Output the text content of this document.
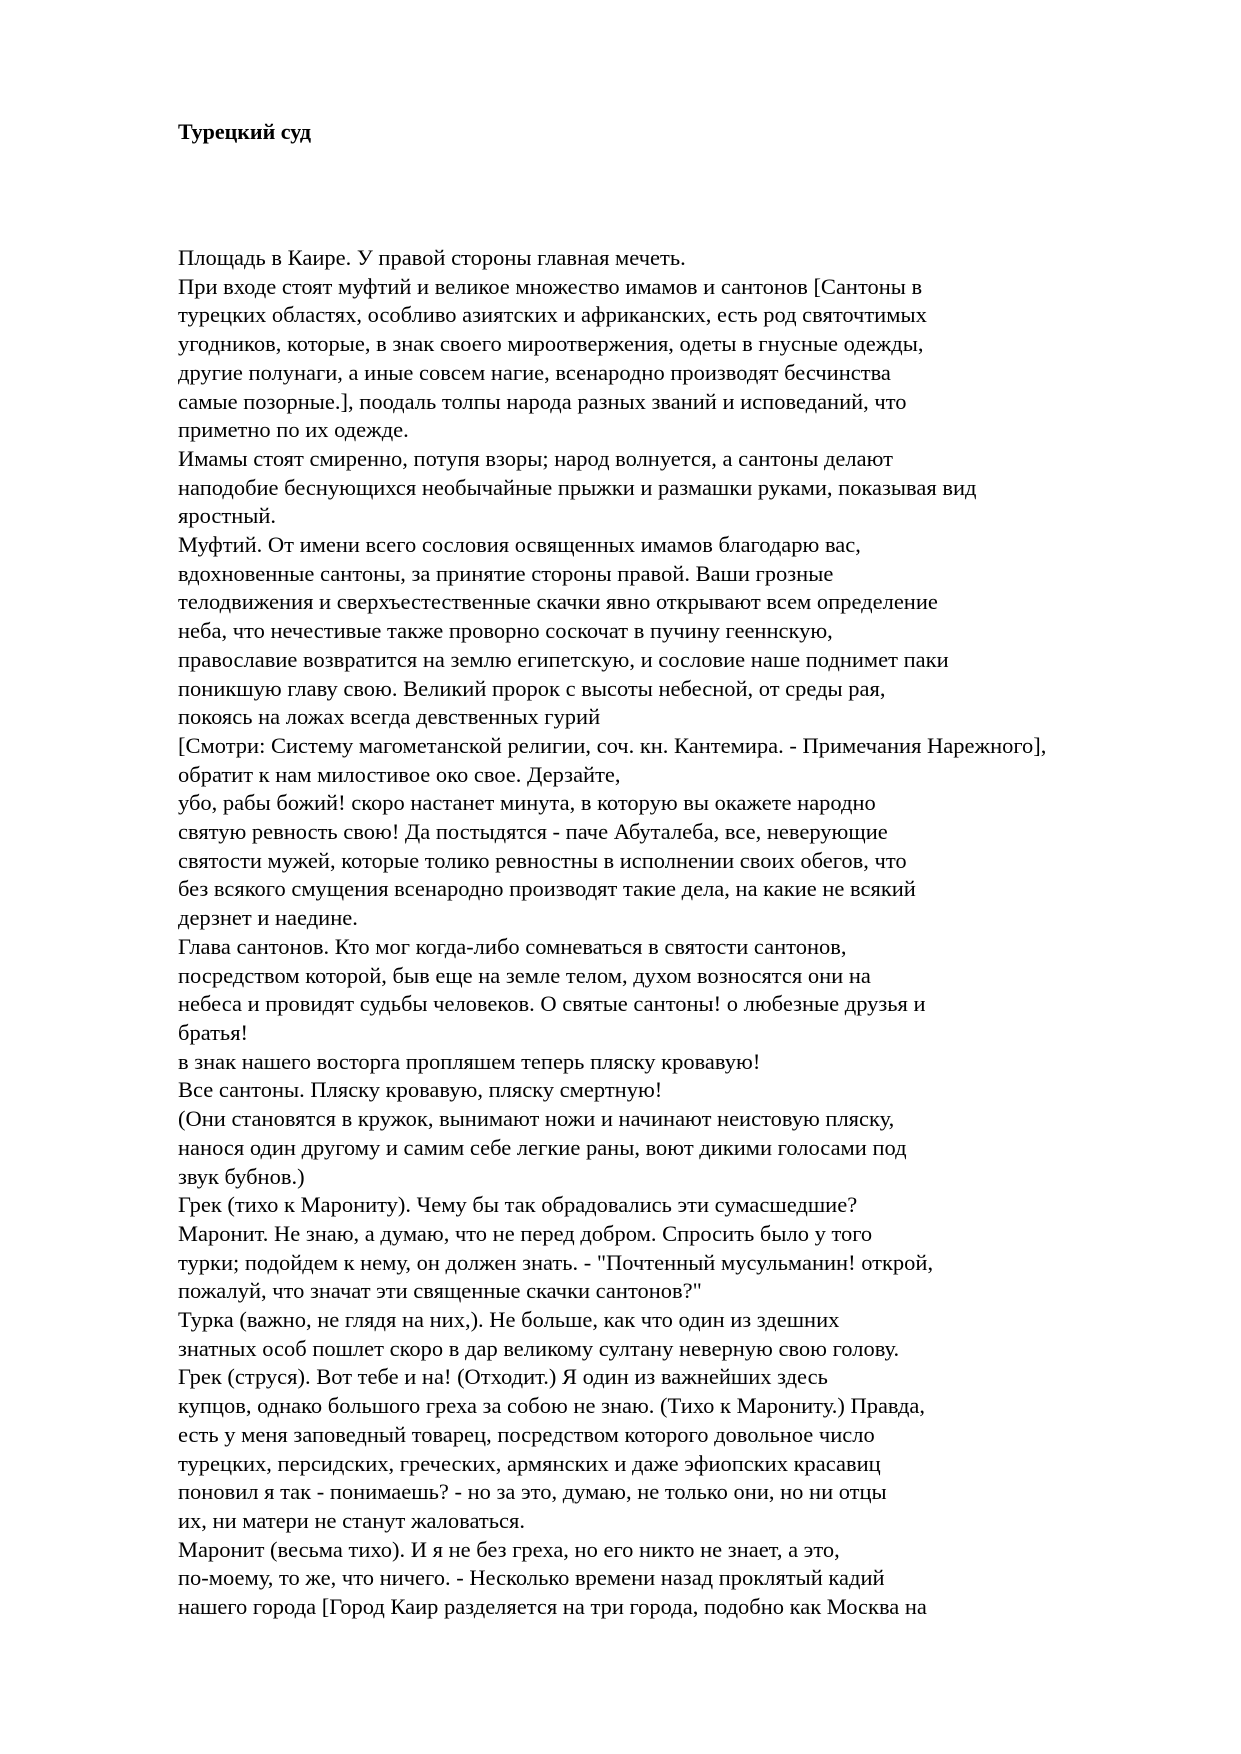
Турецкий суд
Площадь в Каире. У правой стороны главная мечеть.
При входе стоят муфтий и великое множество имамов и сантонов [Сантоны в
турецких областях, особливо азиятских и африканских, есть род святочтимых
угодников, которые, в знак своего мироотвержения, одеты в гнусные одежды,
другие полунаги, а иные совсем нагие, всенародно производят бесчинства
самые позорные.], поодаль толпы народа разных званий и исповеданий, что
приметно по их одежде.
Имамы стоят смиренно, потупя взоры; народ волнуется, а сантоны делают
наподобие беснующихся необычайные прыжки и размашки руками, показывая вид
яростный.
Муфтий. От имени всего сословия освященных имамов благодарю вас,
вдохновенные сантоны, за принятие стороны правой. Ваши грозные
телодвижения и сверхъестественные скачки явно открывают всем определение
неба, что нечестивые также проворно соскочат в пучину гееннскую,
православие возвратится на землю египетскую, и сословие наше поднимет паки
поникшую главу свою. Великий пророк с высоты небесной, от среды рая,
покоясь на ложах всегда девственных гурий
[Смотри: Систему магометанской религии, соч. кн. Кантемира. - Примечания Нарежного],
обратит к нам милостивое око свое. Дерзайте,
убо, рабы божий! скоро настанет минута, в которую вы окажете народно
святую ревность свою! Да постыдятся - паче Абуталеба, все, неверующие
святости мужей, которые толико ревностны в исполнении своих обегов, что
без всякого смущения всенародно производят такие дела, на какие не всякий
дерзнет и наедине.
Глава сантонов. Кто мог когда-либо сомневаться в святости сантонов,
посредством которой, быв еще на земле телом, духом возносятся они на
небеса и провидят судьбы человеков. О святые сантоны! о любезные друзья и
братья!
в знак нашего восторга пропляшем теперь пляску кровавую!
Все сантоны. Пляску кровавую, пляску смертную!
(Они становятся в кружок, вынимают ножи и начинают неистовую пляску,
нанося один другому и самим себе легкие раны, воют дикими голосами под
звук бубнов.)
Грек (тихо к Марониту). Чему бы так обрадовались эти сумасшедшие?
Маронит. Не знаю, а думаю, что не перед добром. Спросить было у того
турки; подойдем к нему, он должен знать. - "Почтенный мусульманин! открой,
пожалуй, что значат эти священные скачки сантонов?"
Турка (важно, не глядя на них,). Не больше, как что один из здешних
знатных особ пошлет скоро в дар великому султану неверную свою голову.
Грек (струся). Вот тебе и на! (Отходит.) Я один из важнейших здесь
купцов, однако большого греха за собою не знаю. (Тихо к Марониту.) Правда,
есть у меня заповедный товарец, посредством которого довольное число
турецких, персидских, греческих, армянских и даже эфиопских красавиц
поновил я так - понимаешь? - но за это, думаю, не только они, но ни отцы
их, ни матери не станут жаловаться.
Маронит (весьма тихо). И я не без греха, но его никто не знает, а это,
по-моему, то же, что ничего. - Несколько времени назад проклятый кадий
нашего города [Город Каир разделяется на три города, подобно как Москва на
